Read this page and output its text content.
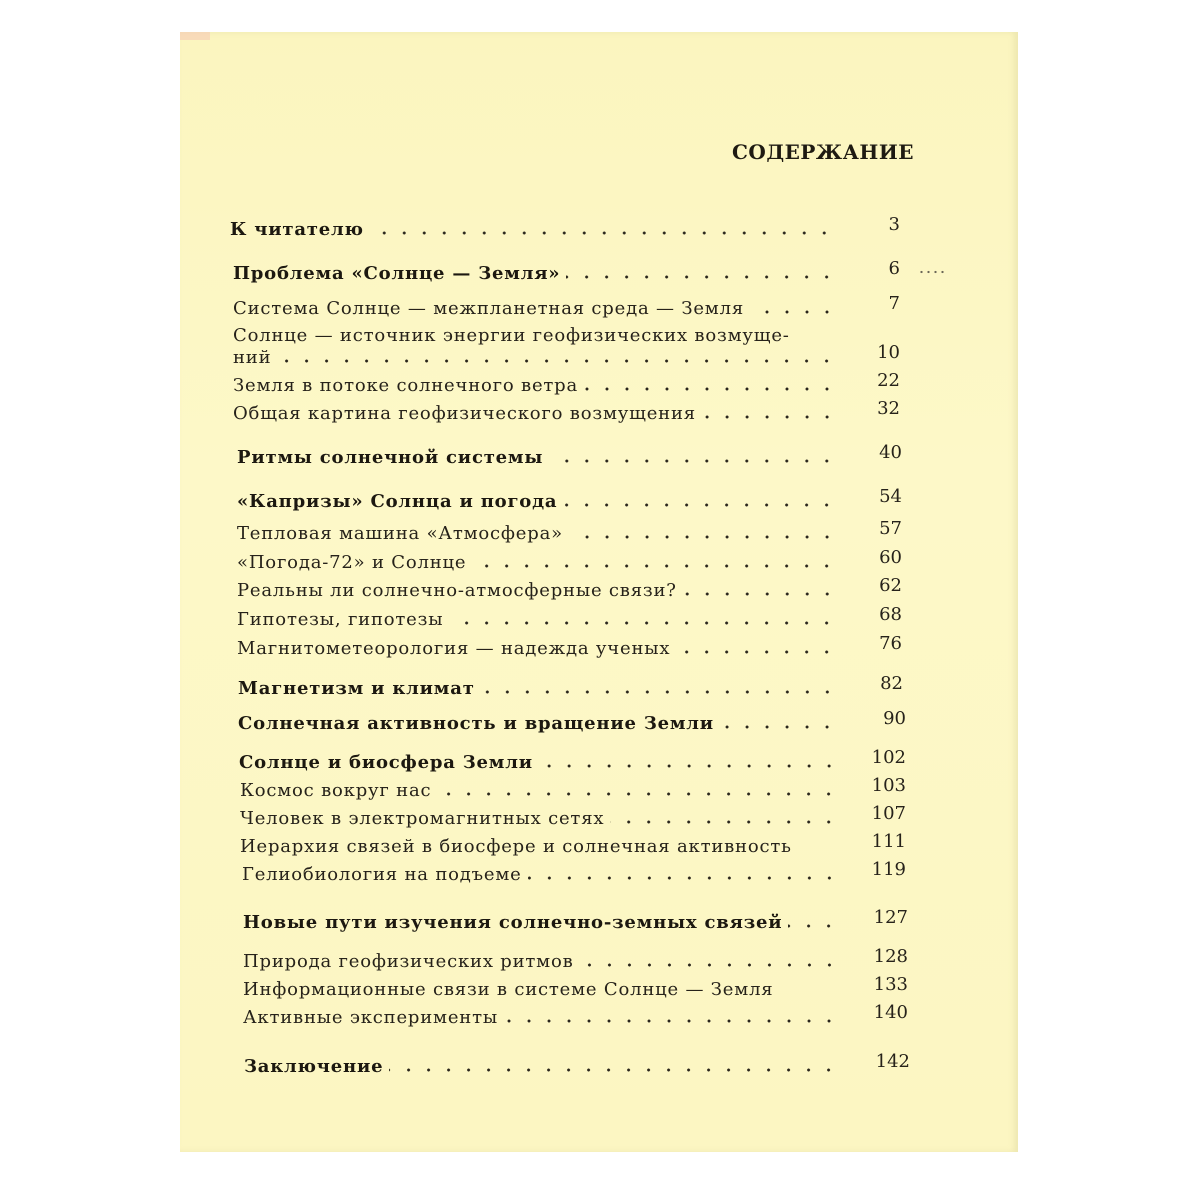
СОДЕРЖАНИЕ
К читателю	3
Проблема «Солнце — Земля»	6
Система Солнце — межпланетная среда — Земля	7
Солнце — источник энергии геофизических возмуще-
ний	10
Земля в потоке солнечного ветра	22
Общая картина геофизического возмущения	32
Ритмы солнечной системы	40
«Капризы» Солнца и погода	54
Тепловая машина «Атмосфера»	57
«Погода-72» и Солнце	60
Реальны ли солнечно-атмосферные связи?	62
Гипотезы, гипотезы	68
Магнитометеорология — надежда ученых	76
Магнетизм и климат	82
Солнечная активность и вращение Земли	90
Солнце и биосфера Земли	102
Космос вокруг нас	103
Человек в электромагнитных сетях	107
Иерархия связей в биосфере и солнечная активность	111
Гелиобиология на подъеме	119
Новые пути изучения солнечно-земных связей	127
Природа геофизических ритмов	128
Информационные связи в системе Солнце — Земля	133
Активные эксперименты	140
Заключение	142
